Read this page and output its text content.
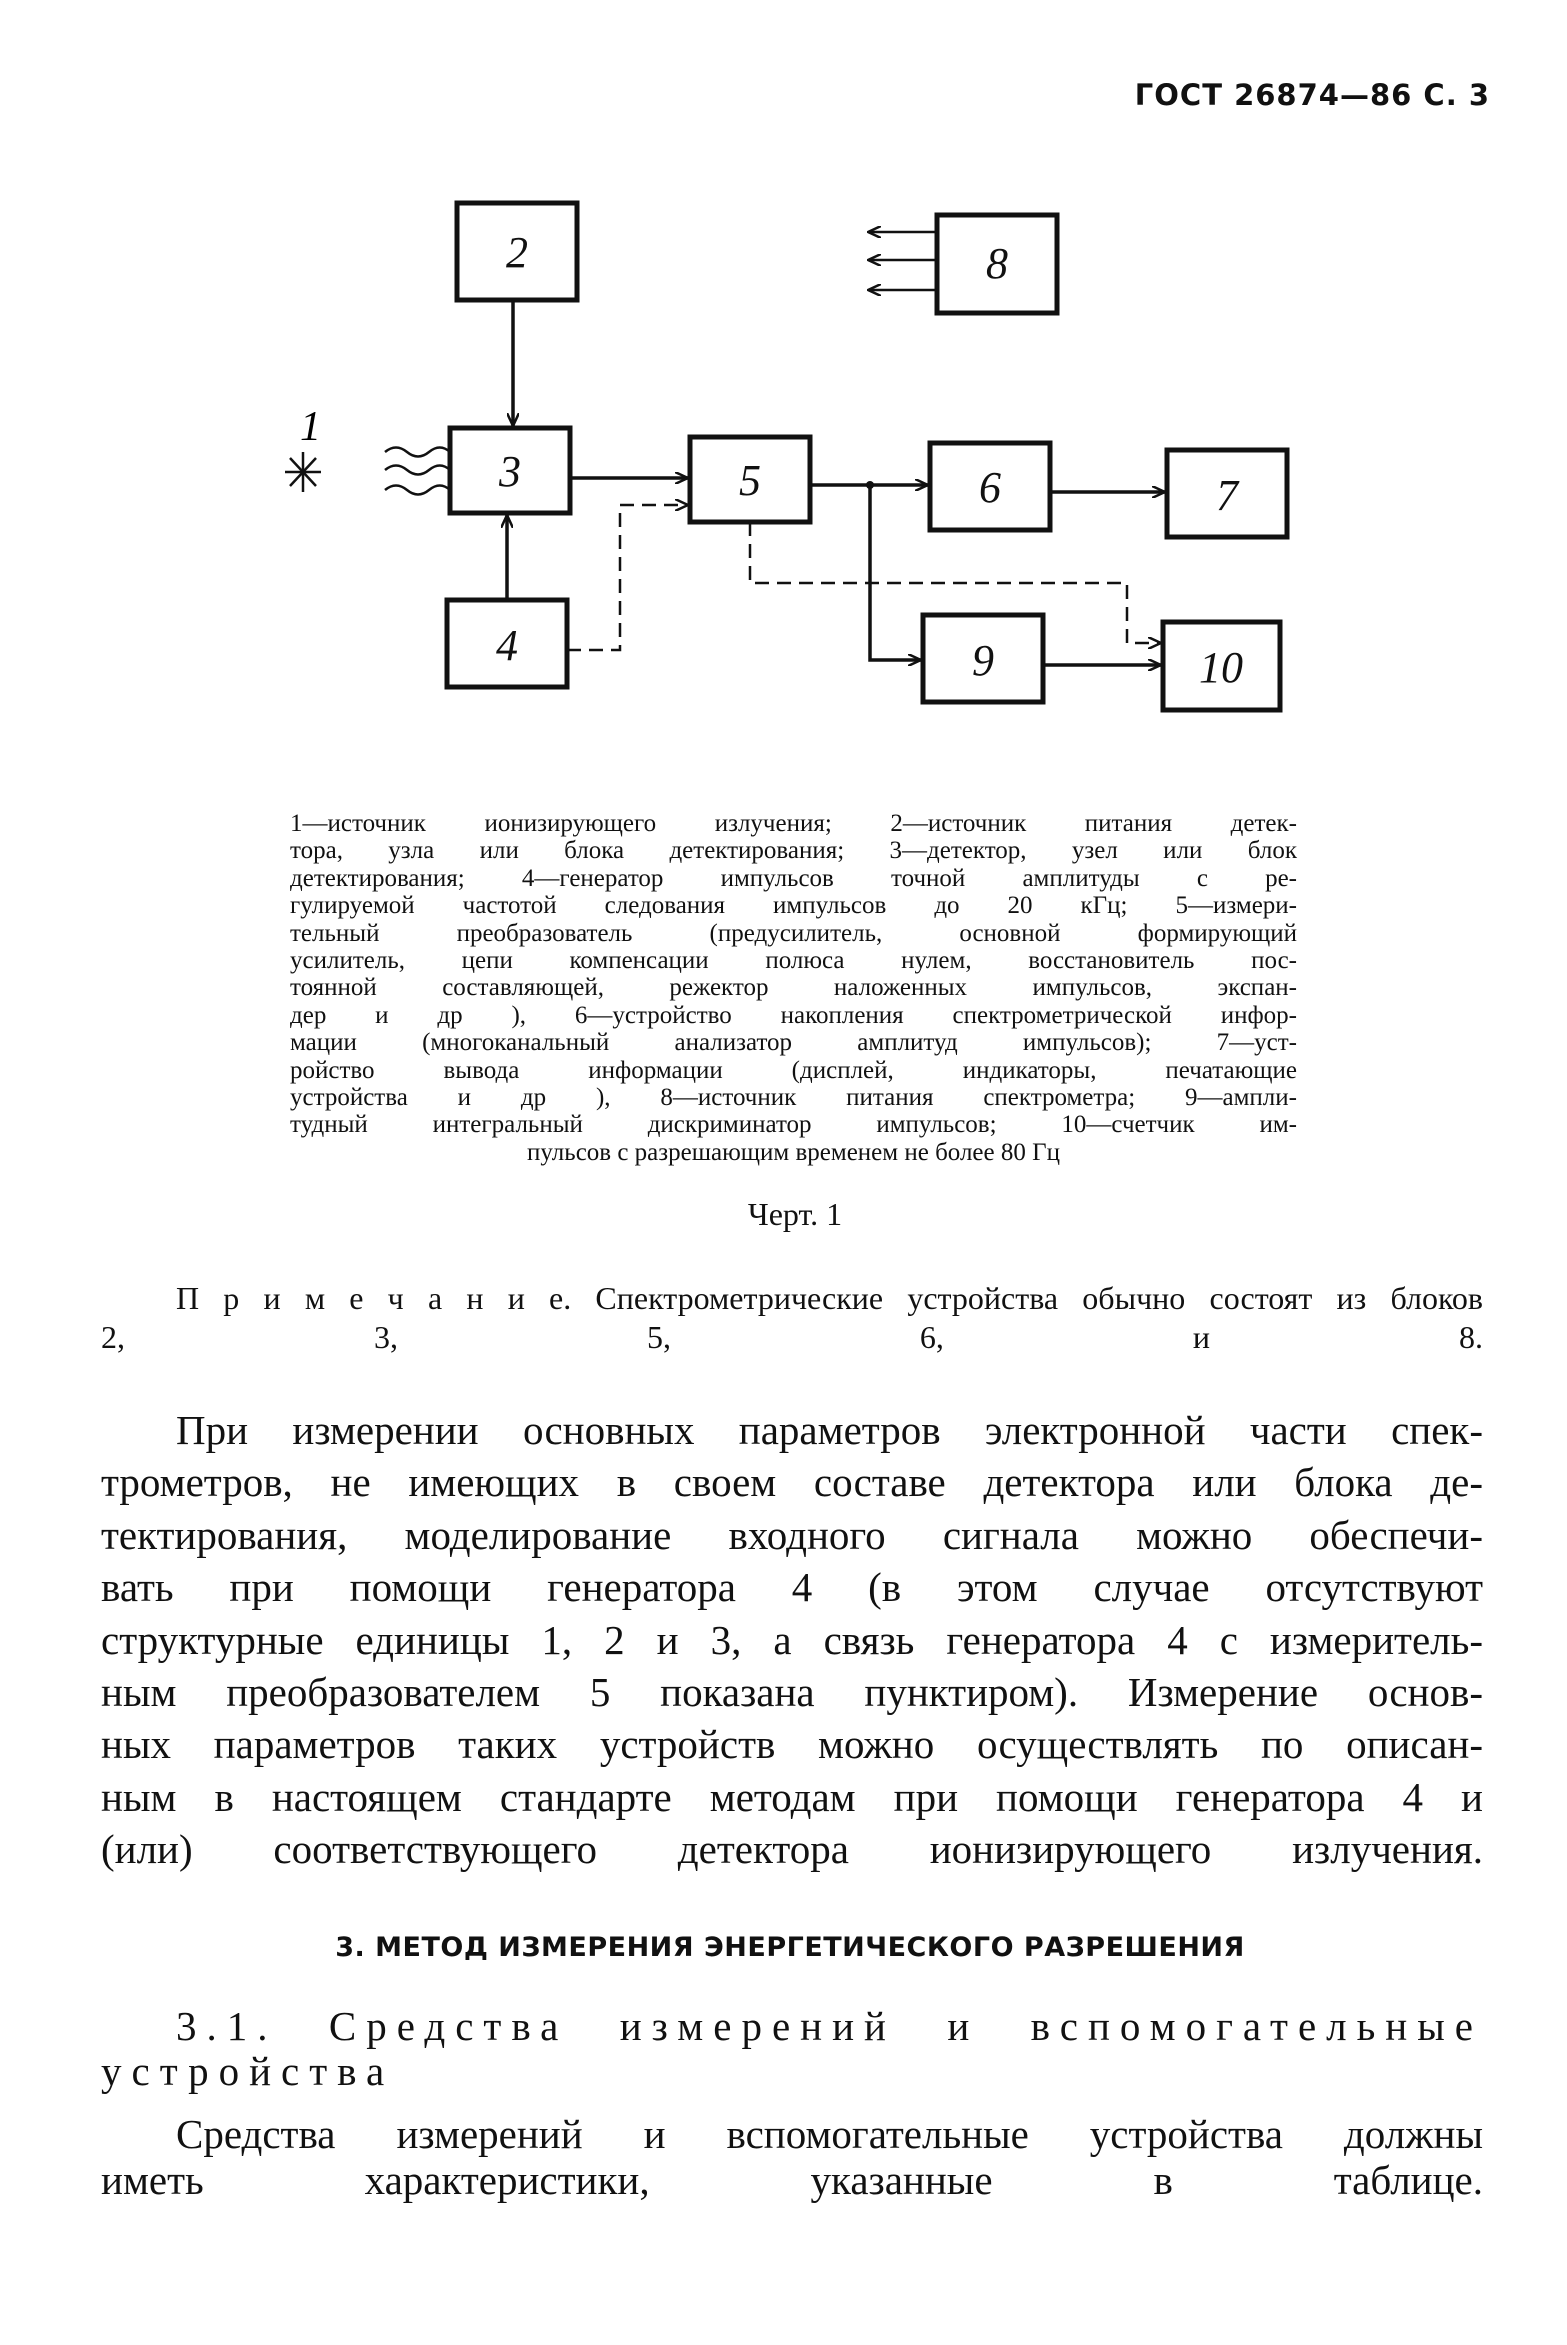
ГОСТ 26874—86 С. 3
1
2
3
4
5	6	7
8
9	10
1—источник ионизирующего излучения; 2—источник питания детек-
тора, узла или блока детектирования; 3—детектор, узел или блок
детектирования; 4—генератор импульсов точной амплитуды с ре-
гулируемой частотой следования импульсов до 20 кГц; 5—измери-
тельный преобразователь (предусилитель, основной формирующий
усилитель, цепи компенсации полюса нулем, восстановитель пос-
тоянной составляющей, режектор наложенных импульсов, экспан-
дер и др ), 6—устройство накопления спектрометрической инфор-
мации (многоканальный анализатор амплитуд импульсов); 7—уст-
ройство вывода информации (дисплей, индикаторы, печатающие
устройства и др ), 8—источник питания спектрометра; 9—ампли-
тудный интегральный дискриминатор импульсов; 10—счетчик им-
пульсов с разрешающим временем не более 80 Гц
Черт. 1
П р и м е ч а н и е. Спектрометрические устройства обычно состоят из блоков
2, 3, 5, 6, и 8.
При измерении основных параметров электронной части спек-
трометров, не имеющих в своем составе детектора или блока де-
тектирования, моделирование входного сигнала можно обеспечи-
вать при помощи генератора 4 (в этом случае отсутствуют
структурные единицы 1, 2 и 3, а связь генератора 4 с измеритель-
ным преобразователем 5 показана пунктиром). Измерение основ-
ных параметров таких устройств можно осуществлять по описан-
ным в настоящем стандарте методам при помощи генератора 4 и
(или) соответствующего детектора ионизирующего излучения.
3. МЕТОД ИЗМЕРЕНИЯ ЭНЕРГЕТИЧЕСКОГО РАЗРЕШЕНИЯ
3.1. Средства измерений и вспомогательные
устройства
Средства измерений и вспомогательные устройства должны
иметь характеристики, указанные в таблице.
